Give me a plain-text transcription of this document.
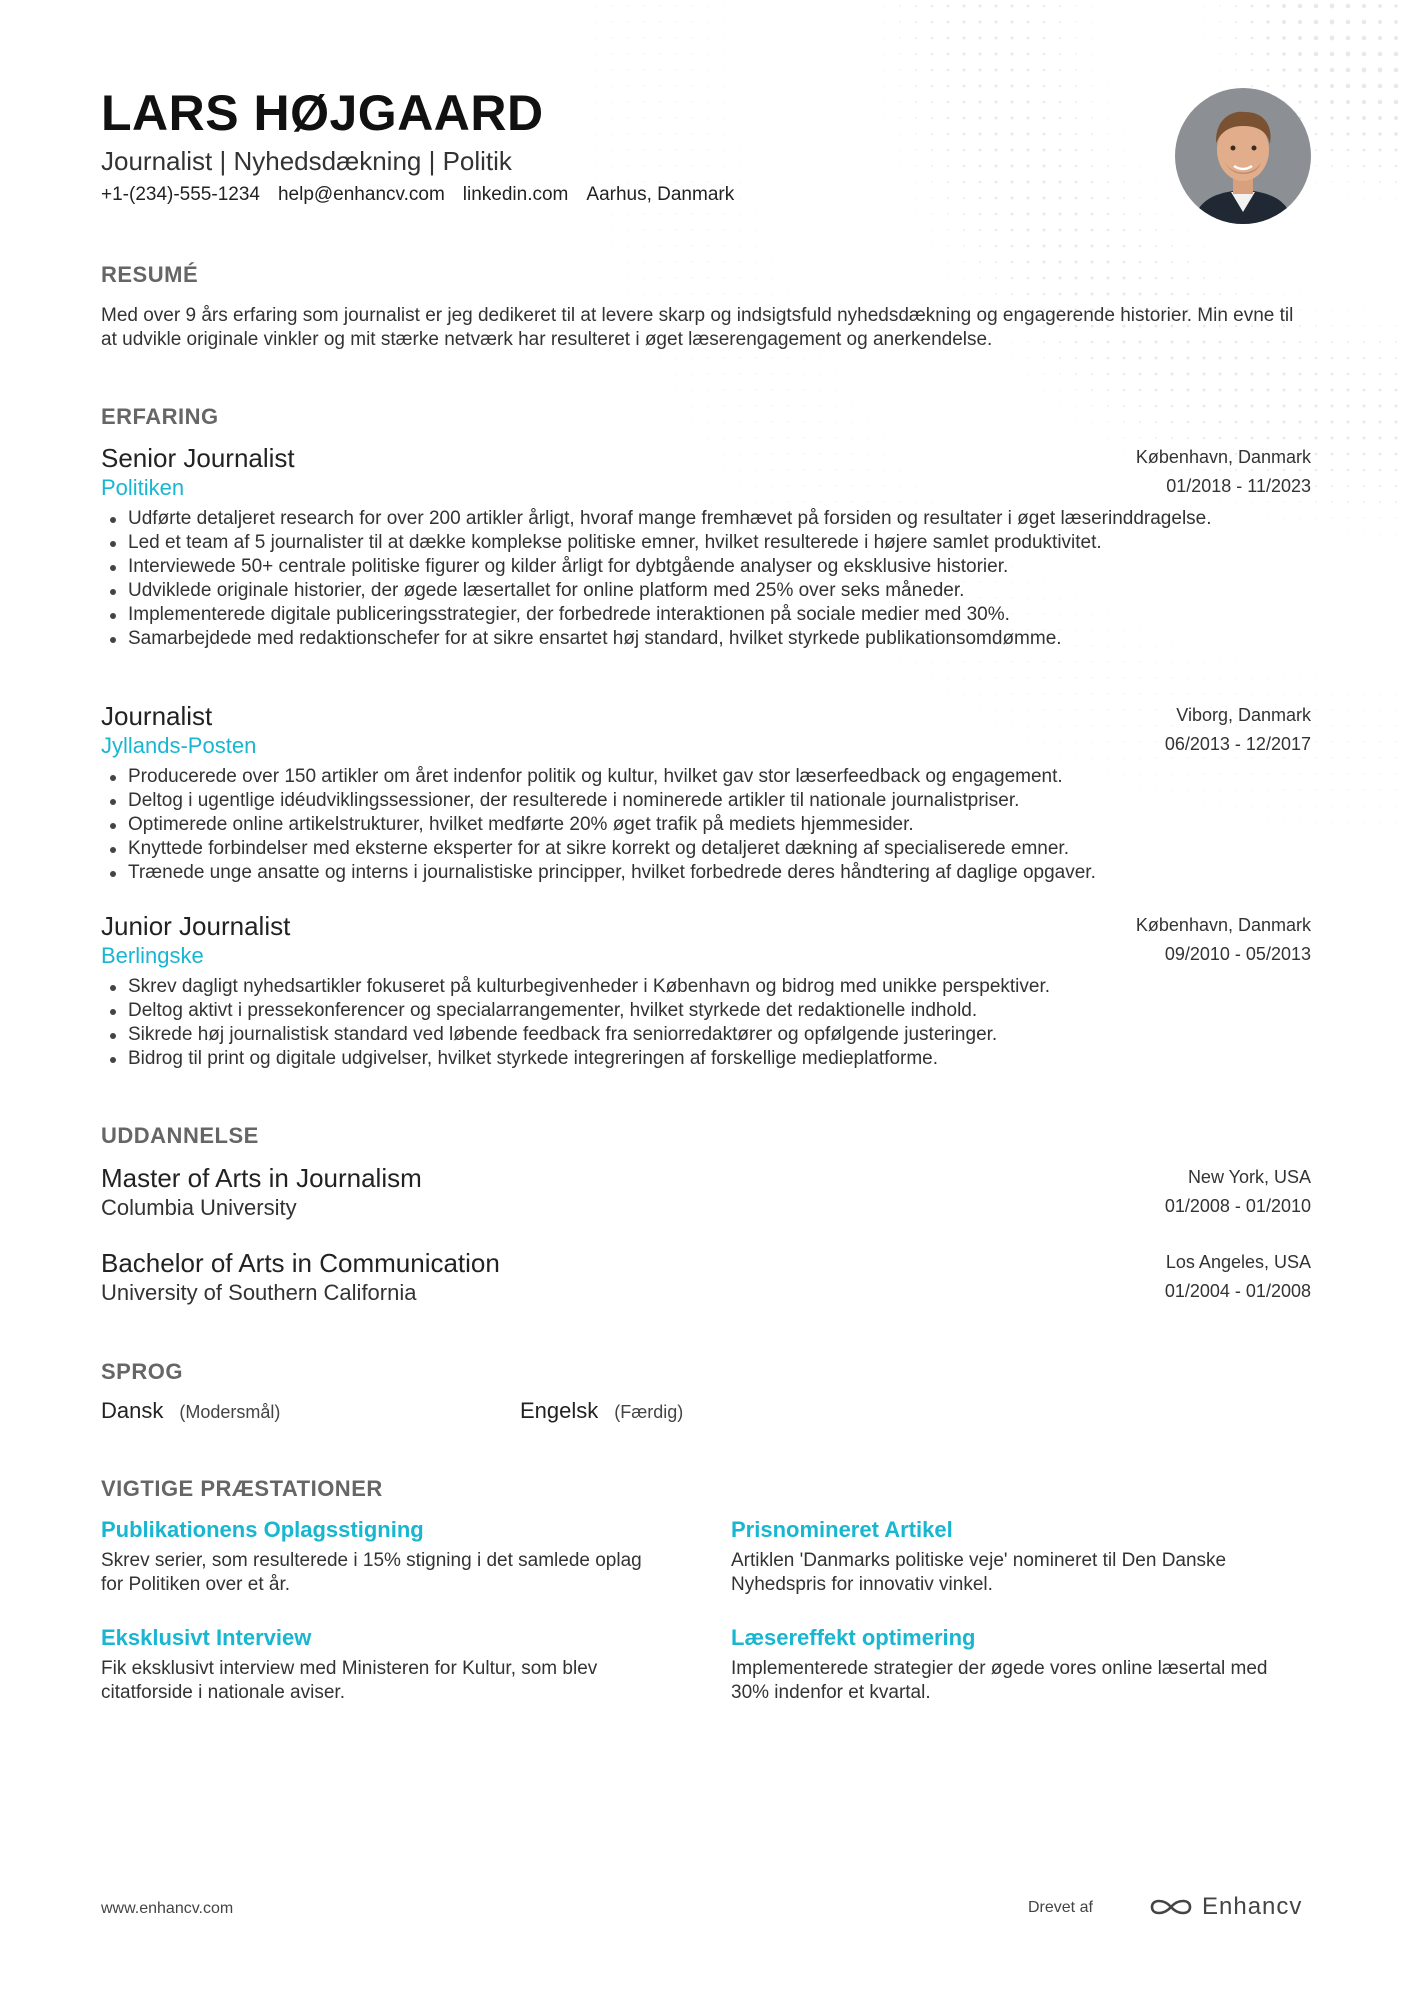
LARS HØJGAARD
Journalist | Nyhedsdækning | Politik
+1-(234)-555-1234 help@enhancv.com linkedin.com Aarhus, Danmark
RESUMÉ
Med over 9 års erfaring som journalist er jeg dedikeret til at levere skarp og indsigtsfuld nyhedsdækning og engagerende historier. Min evne til at udvikle originale vinkler og mit stærke netværk har resulteret i øget læserengagement og anerkendelse.
ERFARING
Senior Journalist
Politiken
København, Danmark
01/2018 - 11/2023
Udførte detaljeret research for over 200 artikler årligt, hvoraf mange fremhævet på forsiden og resultater i øget læserinddragelse.
Led et team af 5 journalister til at dække komplekse politiske emner, hvilket resulterede i højere samlet produktivitet.
Interviewede 50+ centrale politiske figurer og kilder årligt for dybtgående analyser og eksklusive historier.
Udviklede originale historier, der øgede læsertallet for online platform med 25% over seks måneder.
Implementerede digitale publiceringsstrategier, der forbedrede interaktionen på sociale medier med 30%.
Samarbejdede med redaktionschefer for at sikre ensartet høj standard, hvilket styrkede publikationsomdømme.
Journalist
Jyllands-Posten
Viborg, Danmark
06/2013 - 12/2017
Producerede over 150 artikler om året indenfor politik og kultur, hvilket gav stor læserfeedback og engagement.
Deltog i ugentlige idéudviklingssessioner, der resulterede i nominerede artikler til nationale journalistpriser.
Optimerede online artikelstrukturer, hvilket medførte 20% øget trafik på mediets hjemmesider.
Knyttede forbindelser med eksterne eksperter for at sikre korrekt og detaljeret dækning af specialiserede emner.
Trænede unge ansatte og interns i journalistiske principper, hvilket forbedrede deres håndtering af daglige opgaver.
Junior Journalist
Berlingske
København, Danmark
09/2010 - 05/2013
Skrev dagligt nyhedsartikler fokuseret på kulturbegivenheder i København og bidrog med unikke perspektiver.
Deltog aktivt i pressekonferencer og specialarrangementer, hvilket styrkede det redaktionelle indhold.
Sikrede høj journalistisk standard ved løbende feedback fra seniorredaktører og opfølgende justeringer.
Bidrog til print og digitale udgivelser, hvilket styrkede integreringen af forskellige medieplatforme.
UDDANNELSE
Master of Arts in Journalism
Columbia University
New York, USA
01/2008 - 01/2010
Bachelor of Arts in Communication
University of Southern California
Los Angeles, USA
01/2004 - 01/2008
SPROG
Dansk (Modersmål)	Engelsk (Færdig)
VIGTIGE PRÆSTATIONER
Publikationens Oplagsstigning
Skrev serier, som resulterede i 15% stigning i det samlede oplag for Politiken over et år.
Prisnomineret Artikel
Artiklen 'Danmarks politiske veje' nomineret til Den Danske Nyhedspris for innovativ vinkel.
Eksklusivt Interview
Fik eksklusivt interview med Ministeren for Kultur, som blev citatforside i nationale aviser.
Læsereffekt optimering
Implementerede strategier der øgede vores online læsertal med 30% indenfor et kvartal.
www.enhancv.com	Drevet af	Enhancv
